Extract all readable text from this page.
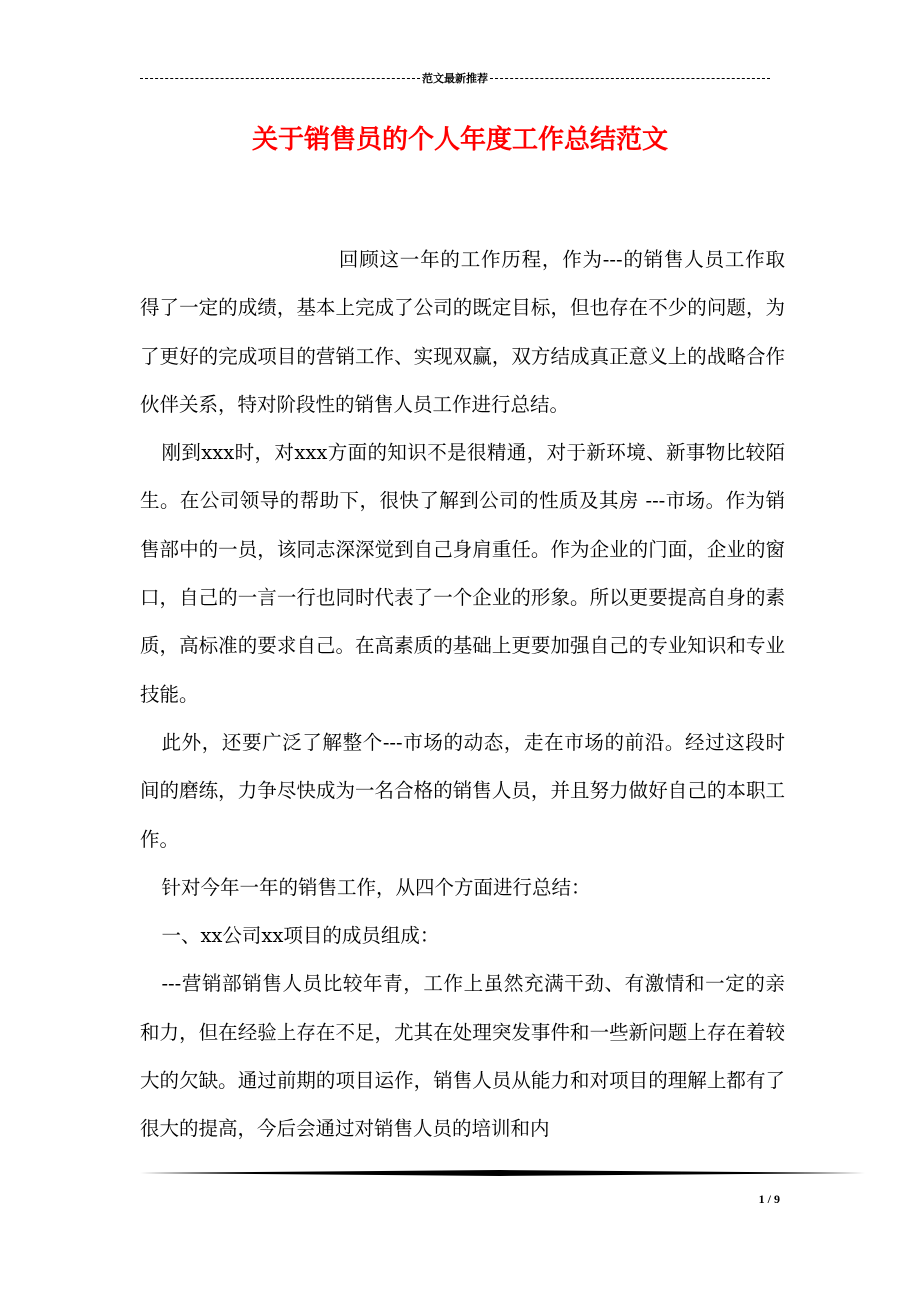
范文最新推荐
关于销售员的个人年度工作总结范文

回顾这一年的工作历程，作为---的销售人员工作取得了一定的成绩，基本上完成了公司的既定目标，但也存在不少的问题，为了更好的完成项目的营销工作、实现双赢，双方结成真正意义上的战略合作伙伴关系，特对阶段性的销售人员工作进行总结。

刚到xxx时，对xxx方面的知识不是很精通，对于新环境、新事物比较陌生。在公司领导的帮助下，很快了解到公司的性质及其房 ---市场。作为销售部中的一员，该同志深深觉到自己身肩重任。作为企业的门面，企业的窗口，自己的一言一行也同时代表了一个企业的形象。所以更要提高自身的素质，高标准的要求自己。在高素质的基础上更要加强自己的专业知识和专业技能。

此外，还要广泛了解整个---市场的动态，走在市场的前沿。经过这段时间的磨练，力争尽快成为一名合格的销售人员，并且努力做好自己的本职工作。

针对今年一年的销售工作，从四个方面进行总结：

一、xx公司xx项目的成员组成：

---营销部销售人员比较年青，工作上虽然充满干劲、有激情和一定的亲和力，但在经验上存在不足，尤其在处理突发事件和一些新问题上存在着较大的欠缺。通过前期的项目运作，销售人员从能力和对项目的理解上都有了很大的提高，今后会通过对销售人员的培训和内

1 / 9
